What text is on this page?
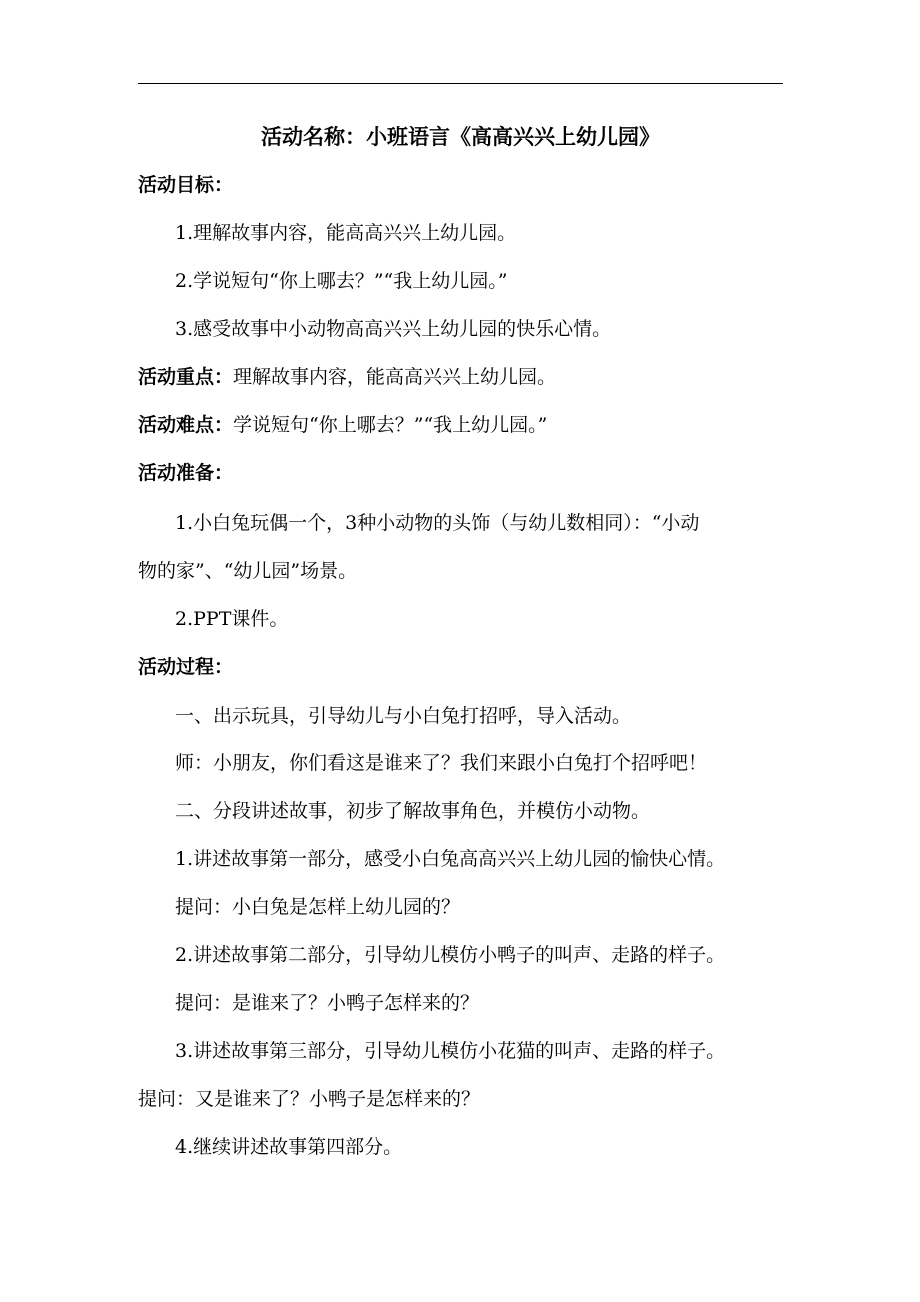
活动名称：小班语言《高高兴兴上幼儿园》
活动目标：
1.理解故事内容，能高高兴兴上幼儿园。
2.学说短句“你上哪去？”“我上幼儿园。”
3.感受故事中小动物高高兴兴上幼儿园的快乐心情。
活动重点：理解故事内容，能高高兴兴上幼儿园。
活动难点：学说短句“你上哪去？”“我上幼儿园。”
活动准备：
1.小白兔玩偶一个，3种小动物的头饰（与幼儿数相同）：“小动
物的家”、“幼儿园”场景。
2.PPT课件。
活动过程：
一、出示玩具，引导幼儿与小白兔打招呼，导入活动。
师：小朋友，你们看这是谁来了？我们来跟小白兔打个招呼吧！
二、分段讲述故事，初步了解故事角色，并模仿小动物。
1.讲述故事第一部分，感受小白兔高高兴兴上幼儿园的愉快心情。
提问：小白兔是怎样上幼儿园的？
2.讲述故事第二部分，引导幼儿模仿小鸭子的叫声、走路的样子。
提问：是谁来了？小鸭子怎样来的？
3.讲述故事第三部分，引导幼儿模仿小花猫的叫声、走路的样子。
提问：又是谁来了？小鸭子是怎样来的？
4.继续讲述故事第四部分。
